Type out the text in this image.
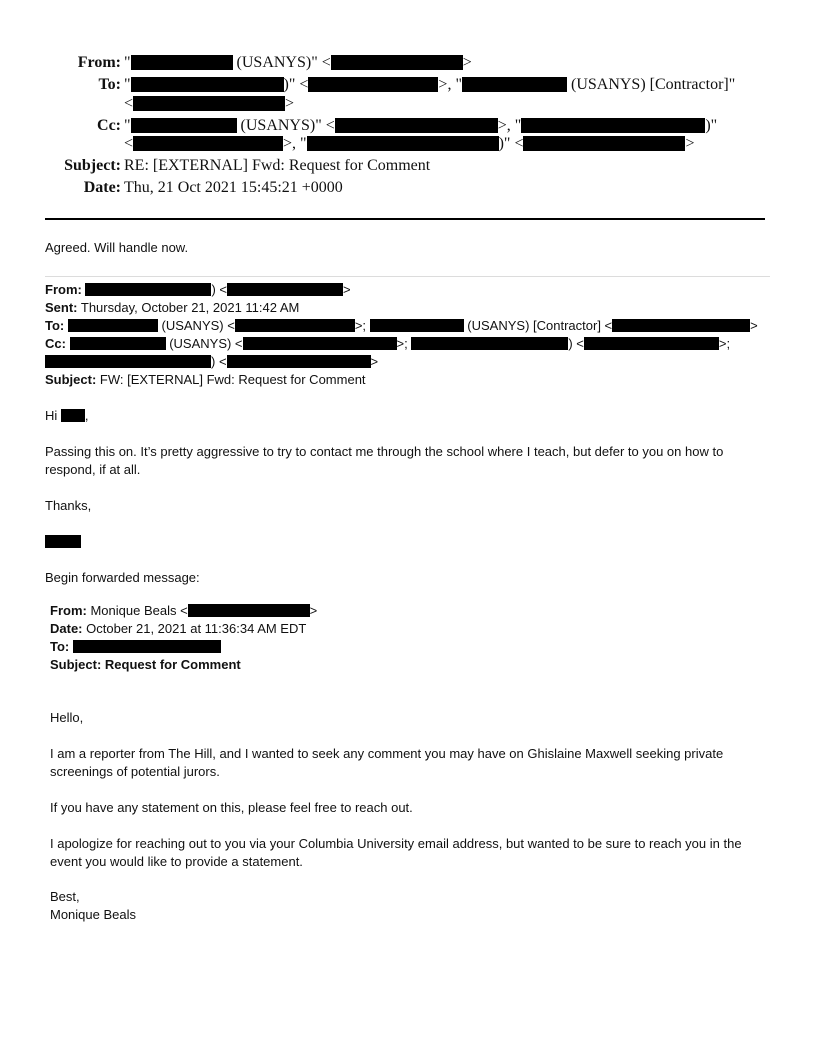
From: "	(USANYS)" <	>
To: "	)" <	>, "	(USANYS) [Contractor]"
<	>
Cc: "	(USANYS)" <	>, "	)"
<	>, "	)" <	>
Subject: RE: [EXTERNAL] Fwd: Request for Comment
Date: Thu, 21 Oct 2021 15:45:21 +0000
Agreed. Will handle now.
From:	) <	>
Sent: Thursday, October 21, 2021 11:42 AM
To:	(USANYS) <	>;	(USANYS) [Contractor] <	>
Cc:	(USANYS) <	>;	) <	>;
) <	>
Subject: FW: [EXTERNAL] Fwd: Request for Comment
Hi ,
Passing this on. It’s pretty aggressive to try to contact me through the school where I teach, but defer to you on how to respond, if at all.
Thanks,
Begin forwarded message:
From: Monique Beals <	>
Date: October 21, 2021 at 11:36:34 AM EDT
To:
Subject: Request for Comment
Hello,
I am a reporter from The Hill, and I wanted to seek any comment you may have on Ghislaine Maxwell seeking private screenings of potential jurors.
If you have any statement on this, please feel free to reach out.
I apologize for reaching out to you via your Columbia University email address, but wanted to be sure to reach you in the event you would like to provide a statement.
Best,
Monique Beals
